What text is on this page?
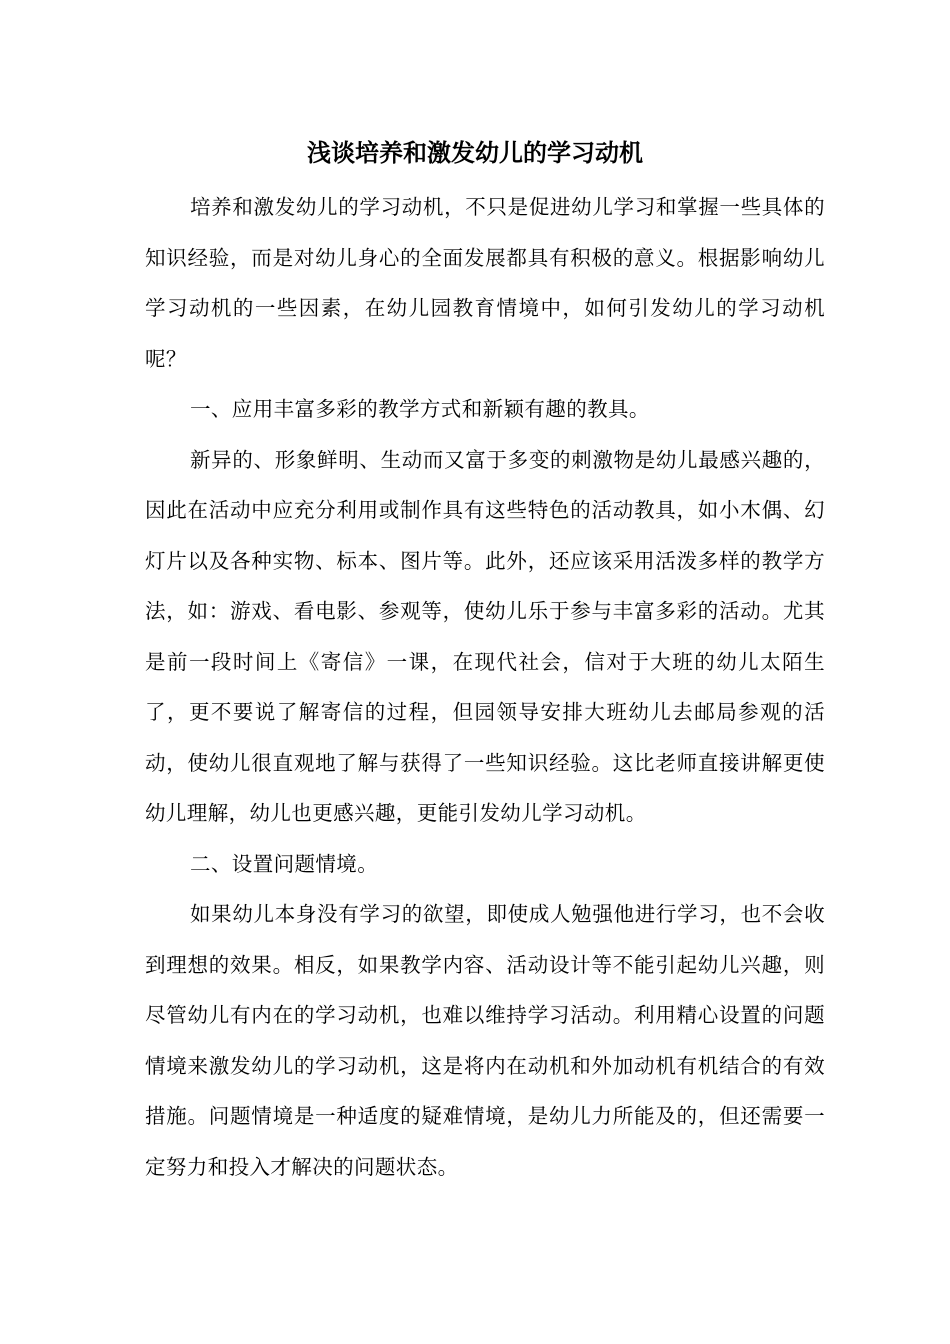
浅谈培养和激发幼儿的学习动机

培养和激发幼儿的学习动机，不只是促进幼儿学习和掌握一些具体的知识经验，而是对幼儿身心的全面发展都具有积极的意义。根据影响幼儿学习动机的一些因素，在幼儿园教育情境中，如何引发幼儿的学习动机呢？

一、应用丰富多彩的教学方式和新颖有趣的教具。

新异的、形象鲜明、生动而又富于多变的刺激物是幼儿最感兴趣的，因此在活动中应充分利用或制作具有这些特色的活动教具，如小木偶、幻灯片以及各种实物、标本、图片等。此外，还应该采用活泼多样的教学方法，如：游戏、看电影、参观等，使幼儿乐于参与丰富多彩的活动。尤其是前一段时间上《寄信》一课，在现代社会，信对于大班的幼儿太陌生了，更不要说了解寄信的过程，但园领导安排大班幼儿去邮局参观的活动，使幼儿很直观地了解与获得了一些知识经验。这比老师直接讲解更使幼儿理解，幼儿也更感兴趣，更能引发幼儿学习动机。

二、设置问题情境。

如果幼儿本身没有学习的欲望，即使成人勉强他进行学习，也不会收到理想的效果。相反，如果教学内容、活动设计等不能引起幼儿兴趣，则尽管幼儿有内在的学习动机，也难以维持学习活动。利用精心设置的问题情境来激发幼儿的学习动机，这是将内在动机和外加动机有机结合的有效措施。问题情境是一种适度的疑难情境，是幼儿力所能及的，但还需要一定努力和投入才解决的问题状态。
